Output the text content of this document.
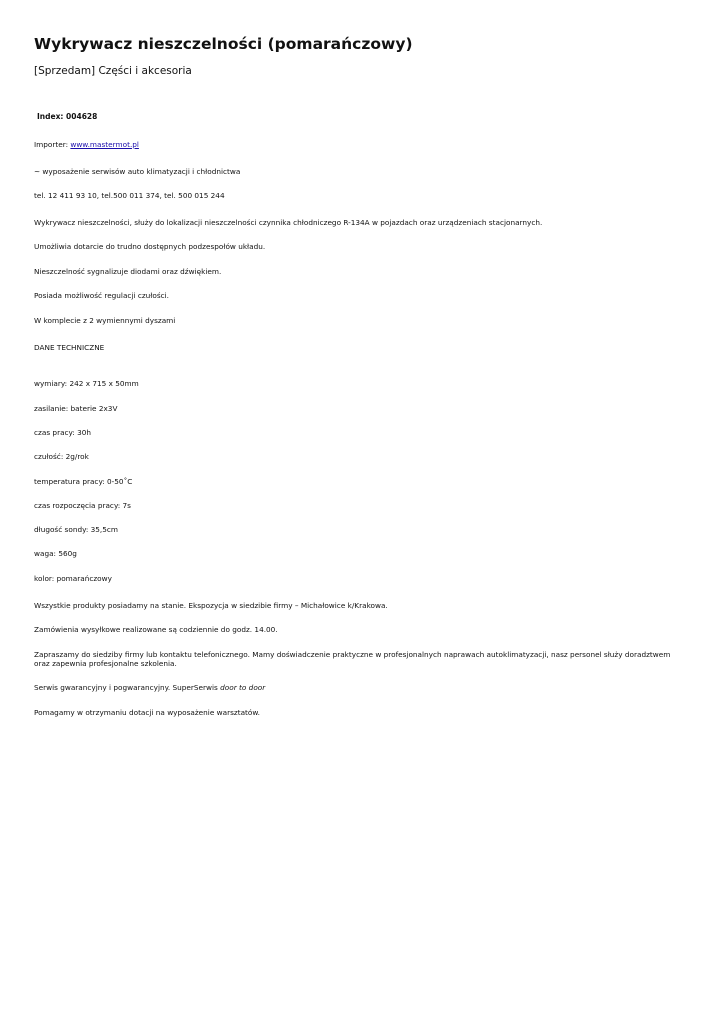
Wykrywacz nieszczelności (pomarańczowy)
[Sprzedam] Części i akcesoria
Index: 004628
Importer: www.mastermot.pl
~ wyposażenie serwisów auto klimatyzacji i chłodnictwa
tel. 12 411 93 10, tel.500 011 374, tel. 500 015 244
Wykrywacz nieszczelności, służy do lokalizacji nieszczelności czynnika chłodniczego R-134A w pojazdach oraz urządzeniach stacjonarnych.
Umożliwia dotarcie do trudno dostępnych podzespołów układu.
Nieszczelność sygnalizuje diodami oraz dźwiękiem.
Posiada możliwość regulacji czułości.
W komplecie z 2 wymiennymi dyszami
DANE TECHNICZNE
wymiary: 242 x 715 x 50mm
zasilanie: baterie 2x3V
czas pracy: 30h
czułość: 2g/rok
temperatura pracy: 0-50˚C
czas rozpoczęcia pracy: 7s
długość sondy: 35,5cm
waga: 560g
kolor: pomarańczowy
Wszystkie produkty posiadamy na stanie. Ekspozycja w siedzibie firmy – Michałowice k/Krakowa.
Zamówienia wysyłkowe realizowane są codziennie do godz. 14.00.
Zapraszamy do siedziby firmy lub kontaktu telefonicznego. Mamy doświadczenie praktyczne w profesjonalnych naprawach autoklimatyzacji, nasz personel służy doradztwem oraz zapewnia profesjonalne szkolenia.
Serwis gwarancyjny i pogwarancyjny. SuperSerwis door to door
Pomagamy w otrzymaniu dotacji na wyposażenie warsztatów.
